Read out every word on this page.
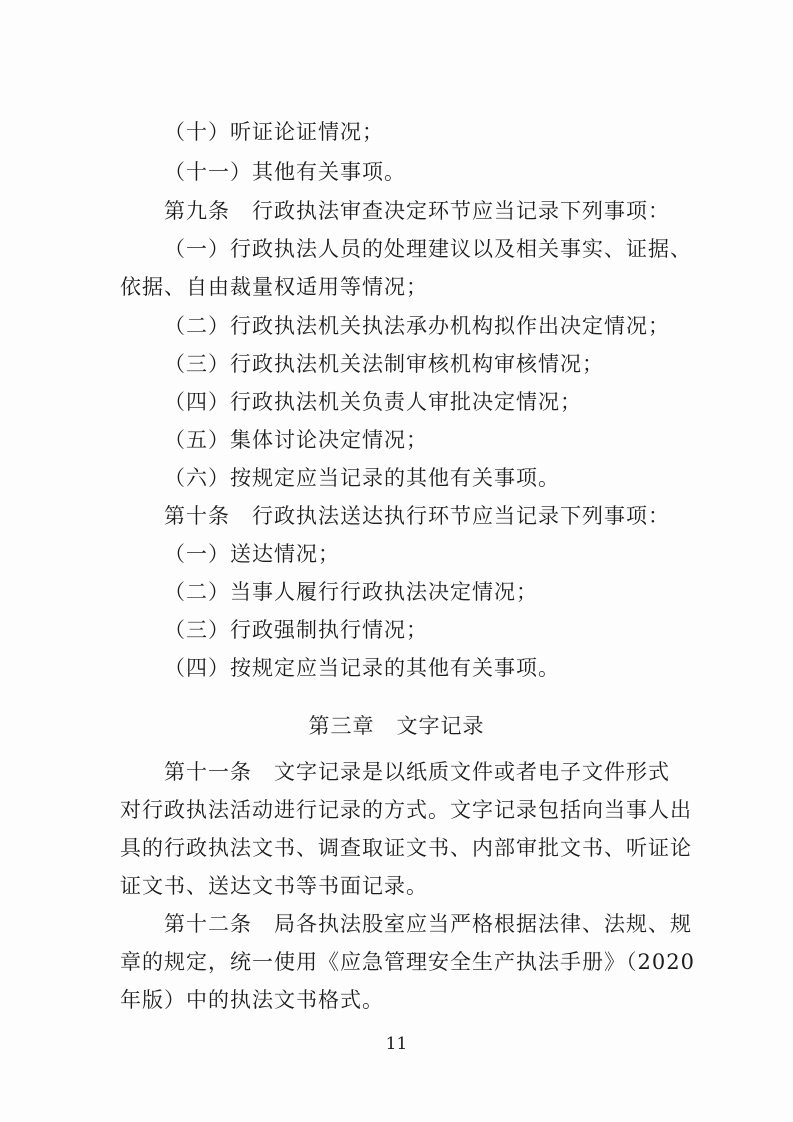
（十）听证论证情况；
（十一）其他有关事项。
第九条　行政执法审查决定环节应当记录下列事项：
（一）行政执法人员的处理建议以及相关事实、证据、
依据、自由裁量权适用等情况；
（二）行政执法机关执法承办机构拟作出决定情况；
（三）行政执法机关法制审核机构审核情况；
（四）行政执法机关负责人审批决定情况；
（五）集体讨论决定情况；
（六）按规定应当记录的其他有关事项。
第十条　行政执法送达执行环节应当记录下列事项：
（一）送达情况；
（二）当事人履行行政执法决定情况；
（三）行政强制执行情况；
（四）按规定应当记录的其他有关事项。
第三章　文字记录
第十一条　文字记录是以纸质文件或者电子文件形式
对行政执法活动进行记录的方式。文字记录包括向当事人出
具的行政执法文书、调查取证文书、内部审批文书、听证论
证文书、送达文书等书面记录。
第十二条　局各执法股室应当严格根据法律、法规、规
章的规定，统一使用《应急管理安全生产执法手册》（2020
年版）中的执法文书格式。
11
